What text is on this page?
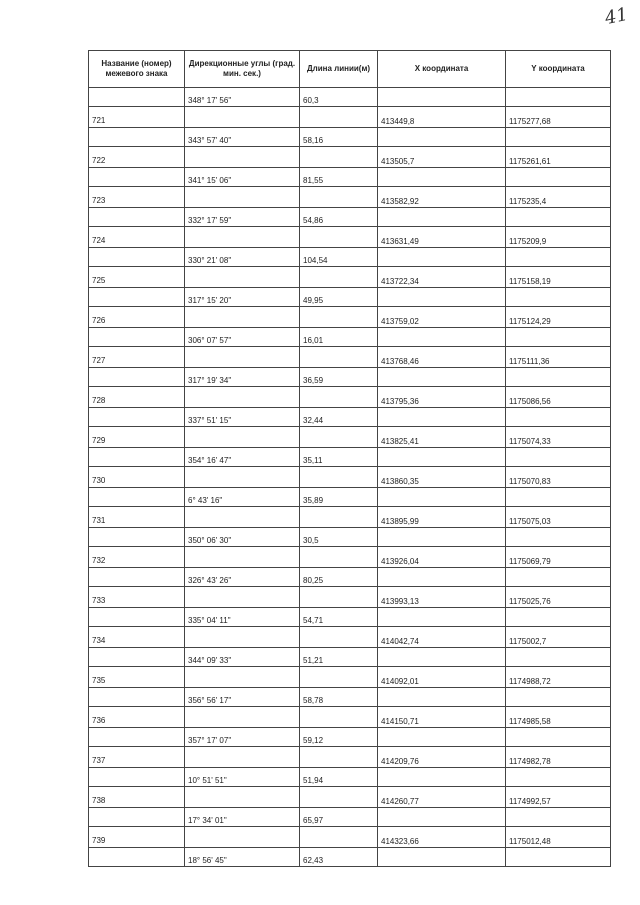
41
Название (номер) межевого знака	Дирекционные углы (град. мин. сек.)	Длина линии(м)	X координата	Y координата
	348° 17' 56"	60,3		
721			413449,8	1175277,68
	343° 57' 40"	58,16		
722			413505,7	1175261,61
	341° 15' 06"	81,55		
723			413582,92	1175235,4
	332° 17' 59"	54,86		
724			413631,49	1175209,9
	330° 21' 08"	104,54		
725			413722,34	1175158,19
	317° 15' 20"	49,95		
726			413759,02	1175124,29
	306° 07' 57"	16,01		
727			413768,46	1175111,36
	317° 19' 34"	36,59		
728			413795,36	1175086,56
	337° 51' 15"	32,44		
729			413825,41	1175074,33
	354° 16' 47"	35,11		
730			413860,35	1175070,83
	6° 43' 16"	35,89		
731			413895,99	1175075,03
	350° 06' 30"	30,5		
732			413926,04	1175069,79
	326° 43' 26"	80,25		
733			413993,13	1175025,76
	335° 04' 11"	54,71		
734			414042,74	1175002,7
	344° 09' 33"	51,21		
735			414092,01	1174988,72
	356° 56' 17"	58,78		
736			414150,71	1174985,58
	357° 17' 07"	59,12		
737			414209,76	1174982,78
	10° 51' 51"	51,94		
738			414260,77	1174992,57
	17° 34' 01"	65,97		
739			414323,66	1175012,48
	18° 56' 45"	62,43		
